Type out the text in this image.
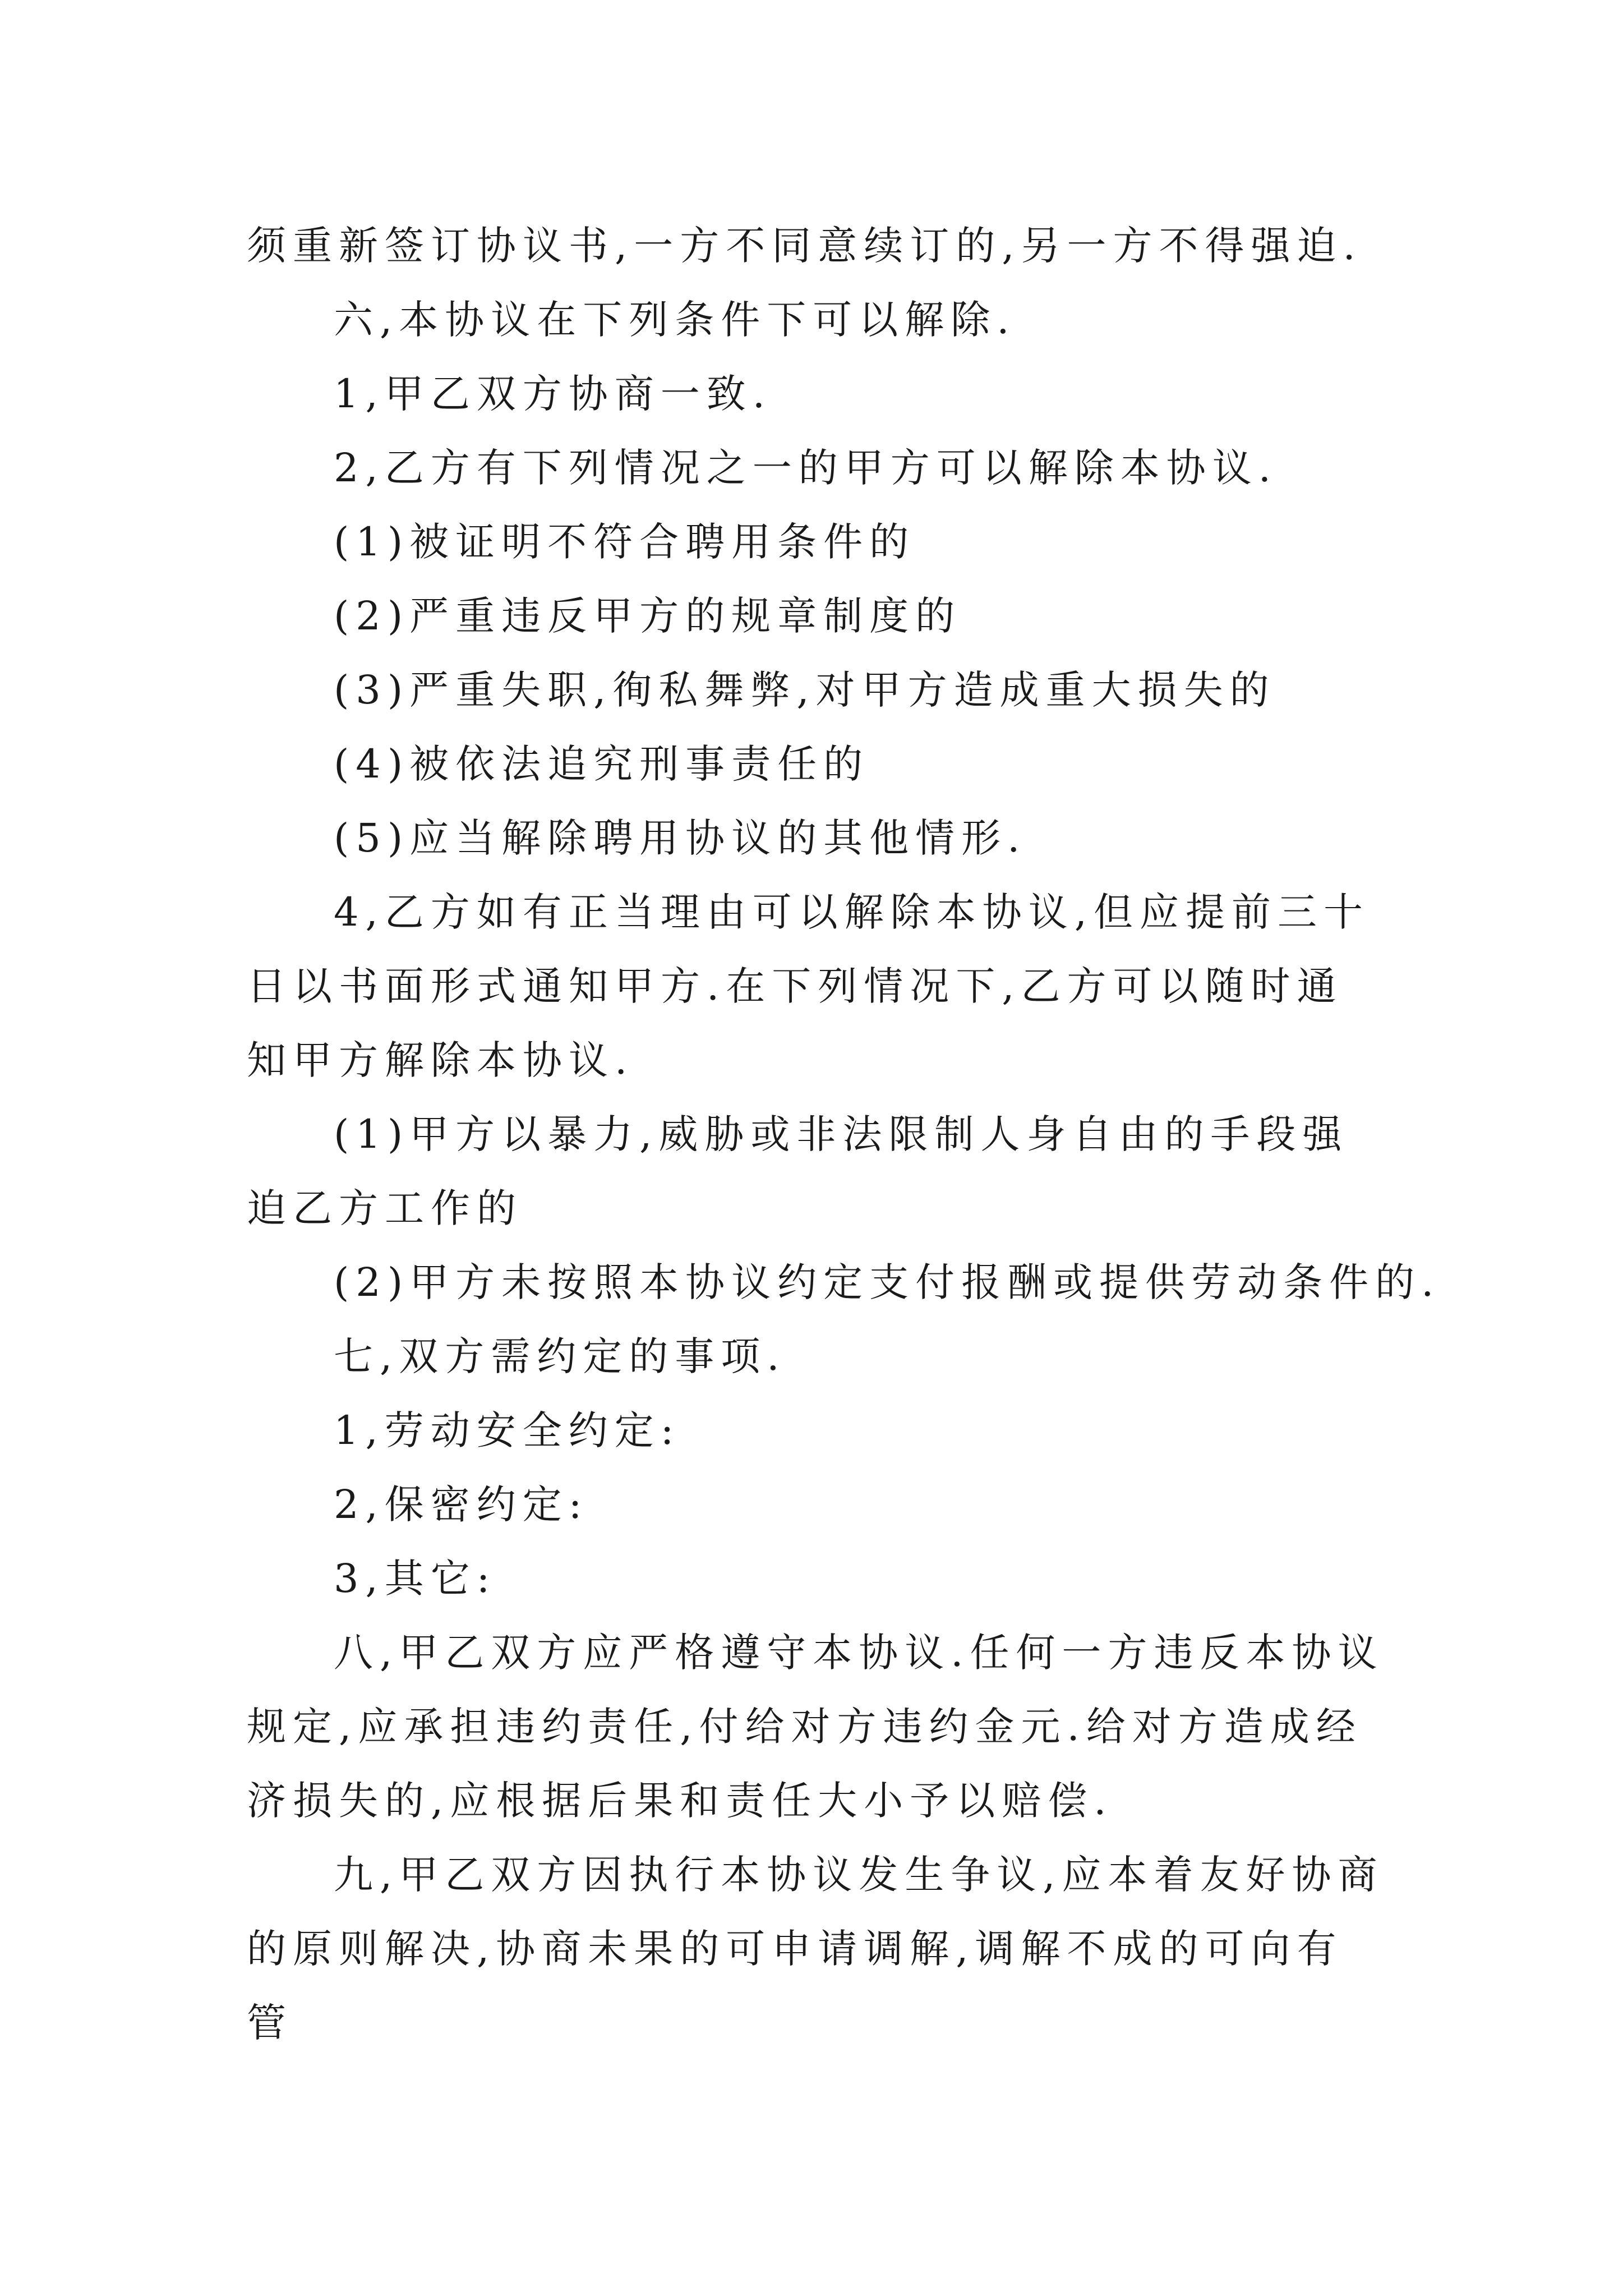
须重新签订协议书,一方不同意续订的,另一方不得强迫.

六,本协议在下列条件下可以解除.

1,甲乙双方协商一致.

2,乙方有下列情况之一的甲方可以解除本协议.

(1)被证明不符合聘用条件的

(2)严重违反甲方的规章制度的

(3)严重失职,徇私舞弊,对甲方造成重大损失的

(4)被依法追究刑事责任的

(5)应当解除聘用协议的其他情形.

4,乙方如有正当理由可以解除本协议,但应提前三十日以书面形式通知甲方.在下列情况下,乙方可以随时通知甲方解除本协议.

(1)甲方以暴力,威胁或非法限制人身自由的手段强迫乙方工作的

(2)甲方未按照本协议约定支付报酬或提供劳动条件的.

七,双方需约定的事项.

1,劳动安全约定:

2,保密约定:

3,其它:

八,甲乙双方应严格遵守本协议.任何一方违反本协议规定,应承担违约责任,付给对方违约金元.给对方造成经济损失的,应根据后果和责任大小予以赔偿.

九,甲乙双方因执行本协议发生争议,应本着友好协商的原则解决,协商未果的可申请调解,调解不成的可向有管
